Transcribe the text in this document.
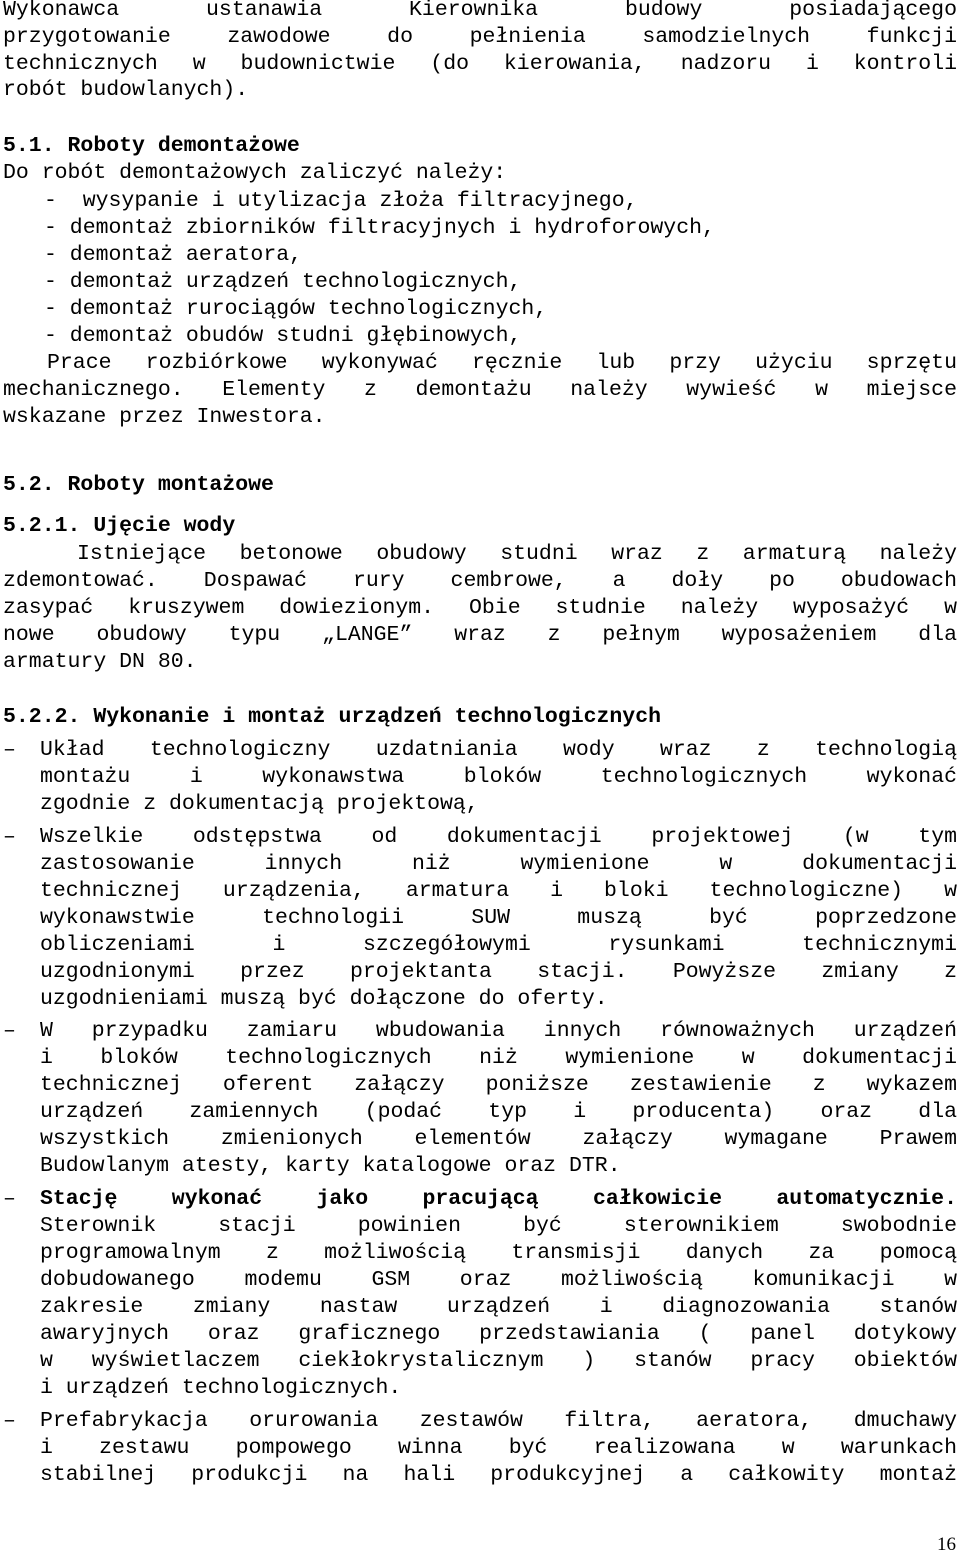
Wykonawca ustanawia Kierownika budowy posiadającego
przygotowanie zawodowe do pełnienia samodzielnych funkcji
technicznych w budownictwie (do kierowania, nadzoru i kontroli
robót budowlanych).
5.1. Roboty demontażowe
Do robót demontażowych zaliczyć należy:
-  wysypanie i utylizacja złoża filtracyjnego,
- demontaż zbiorników filtracyjnych i hydroforowych,
- demontaż aeratora,
- demontaż urządzeń technologicznych,
- demontaż rurociągów technologicznych,
- demontaż obudów studni głębinowych,
Prace rozbiórkowe wykonywać ręcznie lub przy użyciu sprzętu
mechanicznego. Elementy z demontażu należy wywieść w miejsce
wskazane przez Inwestora.
5.2. Roboty montażowe
5.2.1. Ujęcie wody
Istniejące betonowe obudowy studni wraz z armaturą należy
zdemontować. Dospawać rury cembrowe, a doły po obudowach
zasypać kruszywem dowiezionym. Obie studnie należy wyposażyć w
nowe obudowy typu „LANGE” wraz z pełnym wyposażeniem dla
armatury DN 80.
5.2.2. Wykonanie i montaż urządzeń technologicznych
– Układ technologiczny uzdatniania wody wraz z technologią
montażu i wykonawstwa bloków technologicznych wykonać
zgodnie z dokumentacją projektową,
– Wszelkie odstępstwa od dokumentacji projektowej (w tym
zastosowanie innych niż wymienione w dokumentacji
technicznej urządzenia, armatura i bloki technologiczne) w
wykonawstwie technologii SUW muszą być poprzedzone
obliczeniami i szczegółowymi rysunkami technicznymi
uzgodnionymi przez projektanta stacji. Powyższe zmiany z
uzgodnieniami muszą być dołączone do oferty.
– W przypadku zamiaru wbudowania innych równoważnych urządzeń
i bloków technologicznych niż wymienione w dokumentacji
technicznej oferent załączy poniższe zestawienie z wykazem
urządzeń zamiennych (podać typ i producenta) oraz dla
wszystkich zmienionych elementów załączy wymagane Prawem
Budowlanym atesty, karty katalogowe oraz DTR.
– Stację wykonać jako pracującą całkowicie automatycznie.
Sterownik stacji powinien być sterownikiem swobodnie
programowalnym z możliwością transmisji danych za pomocą
dobudowanego modemu GSM oraz możliwością komunikacji w
zakresie zmiany nastaw urządzeń i diagnozowania stanów
awaryjnych oraz graficznego przedstawiania ( panel dotykowy
w wyświetlaczem ciekłokrystalicznym ) stanów pracy obiektów
i urządzeń technologicznych.
– Prefabrykacja orurowania zestawów filtra, aeratora, dmuchawy
i zestawu pompowego winna być realizowana w warunkach
stabilnej produkcji na hali produkcyjnej a całkowity montaż
16
